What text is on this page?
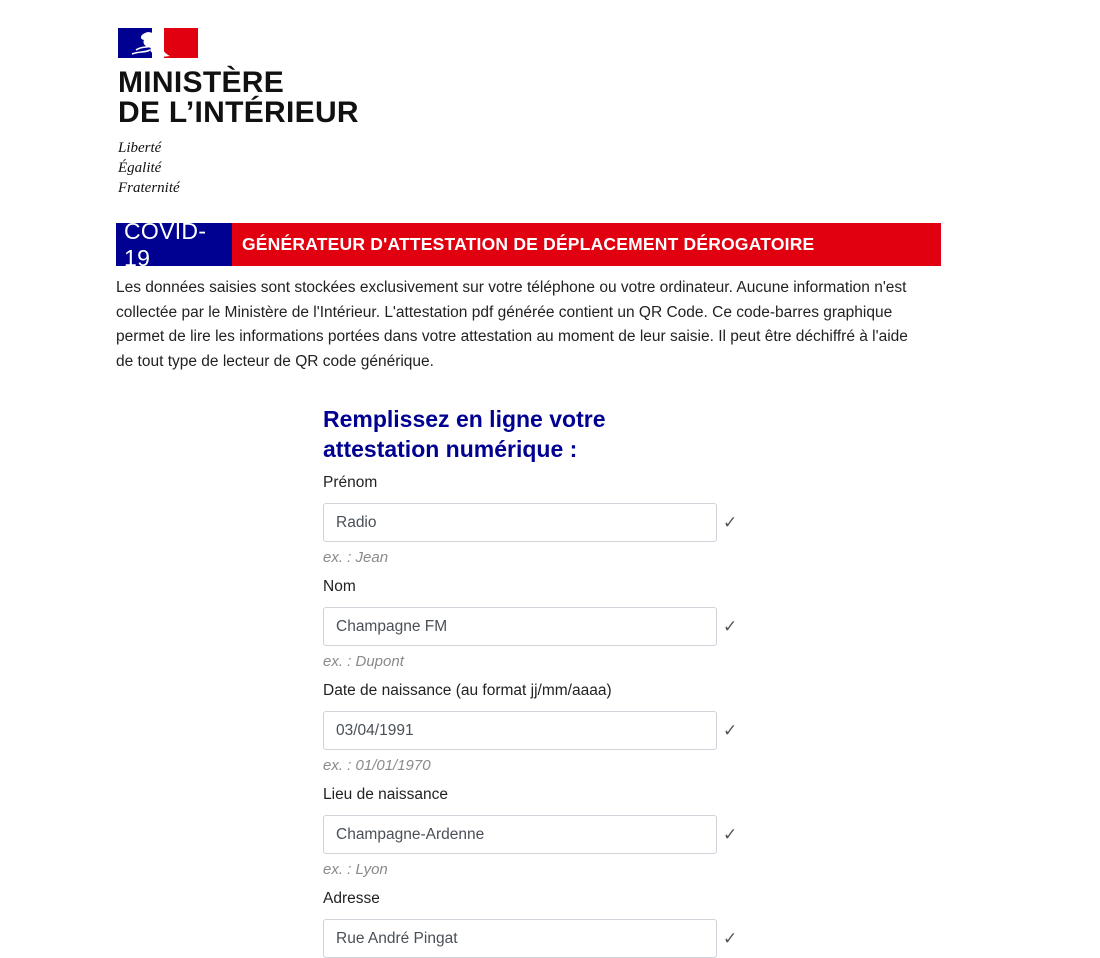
MINISTÈRE
DE L’INTÉRIEUR
Liberté
Égalité
Fraternité
COVID-19
GÉNÉRATEUR D'ATTESTATION DE DÉPLACEMENT DÉROGATOIRE

Les données saisies sont stockées exclusivement sur votre téléphone ou votre ordinateur. Aucune information n'est collectée par le Ministère de l'Intérieur. L'attestation pdf générée contient un QR Code. Ce code-barres graphique permet de lire les informations portées dans votre attestation au moment de leur saisie. Il peut être déchiffré à l'aide de tout type de lecteur de QR code générique.

Remplissez en ligne votre attestation numérique :
Prénom
Radio
✓
ex. : Jean
Nom
Champagne FM
✓
ex. : Dupont
Date de naissance (au format jj/mm/aaaa)
03/04/1991
✓
ex. : 01/01/1970
Lieu de naissance
Champagne-Ardenne
✓
ex. : Lyon
Adresse
Rue André Pingat
✓
